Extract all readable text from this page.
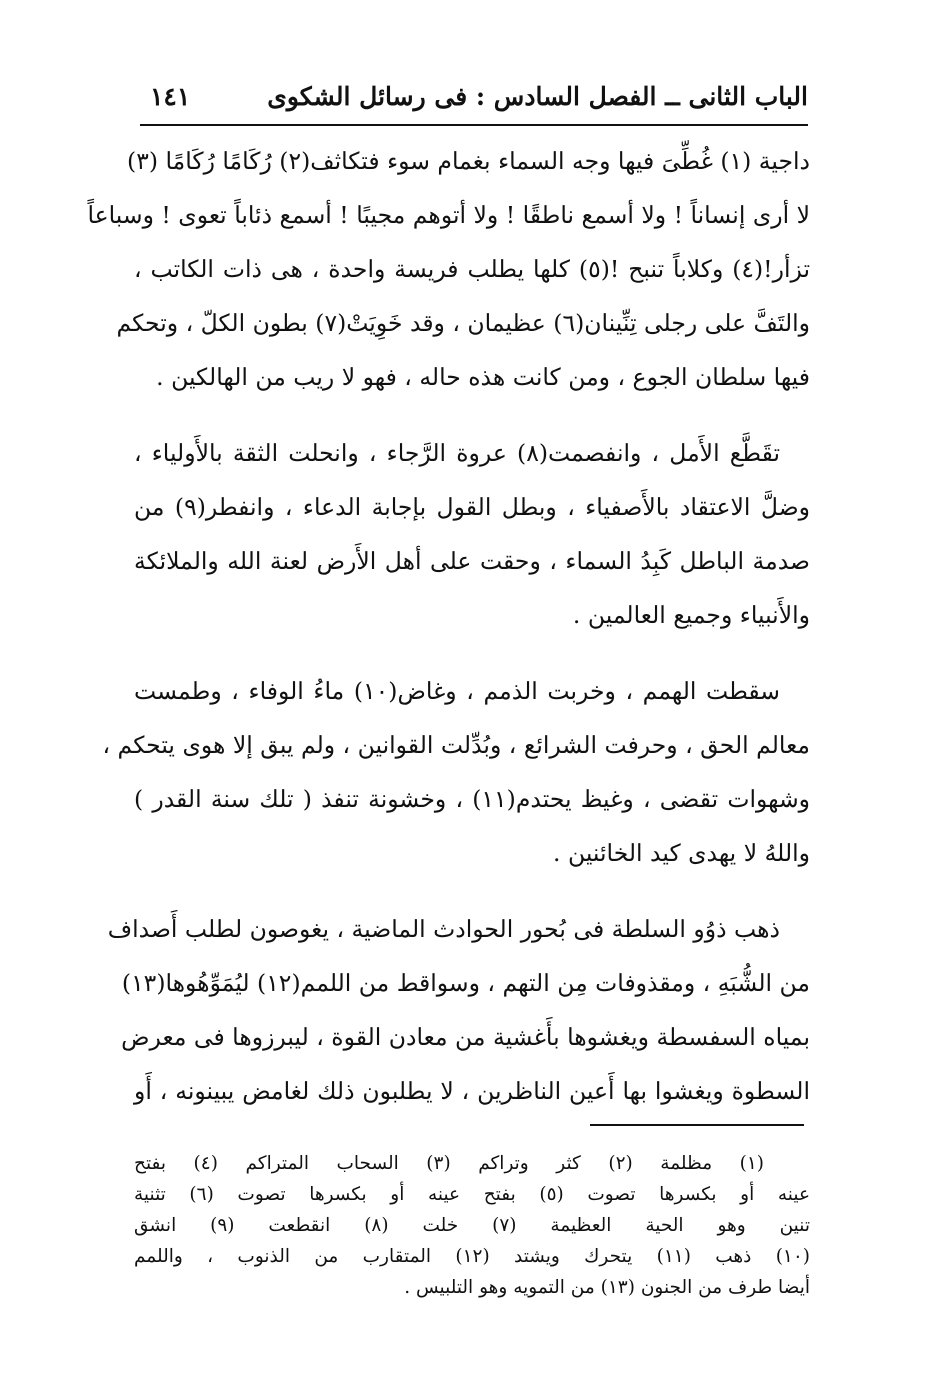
الباب الثانى ــ الفصل السادس : فى رسائل الشكوى
١٤١
داجية (١) غُطِّىَ فيها وجه السماء بغمام سوء فتكاثف(٢) رُكَامًا رُكَامًا (٣)
لا أرى إنساناً ! ولا أسمع ناطقًا ! ولا أتوهم مجيبًا ! أسمع ذئاباً تعوى ! وسباعاً
تزأر!(٤) وكلاباً تنبح !(٥) كلها يطلب فريسة واحدة ، هى ذات الكاتب ،
والتَفَّ على رجلى تِنِّينان(٦) عظيمان ، وقد خَوِيَتْ(٧) بطون الكلّ ، وتحكم
فيها سلطان الجوع ، ومن كانت هذه حاله ، فهو لا ريب من الهالكين .
تقَطَّع الأَمل ، وانفصمت(٨) عروة الرَّجاء ، وانحلت الثقة بالأَولياء ،
وضلَّ الاعتقاد بالأَصفياء ، وبطل القول بإجابة الدعاء ، وانفطر(٩) من
صدمة الباطل كَبِدُ السماء ، وحقت على أهل الأَرض لعنة الله والملائكة
والأَنبياء وجميع العالمين .
سقطت الهمم ، وخربت الذمم ، وغاض(١٠) ماءُ الوفاء ، وطمست
معالم الحق ، وحرفت الشرائع ، وبُدِّلت القوانين ، ولم يبق إلا هوى يتحكم ،
وشهوات تقضى ، وغيظ يحتدم(١١) ، وخشونة تنفذ ( تلك سنة القدر )
واللهُ لا يهدى كيد الخائنين .
ذهب ذوُو السلطة فى بُحور الحوادث الماضية ، يغوصون لطلب أَصداف
من الشُّبَهِ ، ومقذوفات مِن التهم ، وسواقط من اللمم(١٢) ليُمَوِّهُوها(١٣)
بمياه السفسطة ويغشوها بأَغشية من معادن القوة ، ليبرزوها فى معرض
السطوة ويغشوا بها أَعين الناظرين ، لا يطلبون ذلك لغامض يبينونه ، أَو
(١) مظلمة (٢) كثر وتراكم (٣) السحاب المتراكم (٤) بفتح
عينه أو بكسرها تصوت (٥) بفتح عينه أو بكسرها تصوت (٦) تثنية
تنين وهو الحية العظيمة (٧) خلت (٨) انقطعت (٩) انشق
(١٠) ذهب (١١) يتحرك ويشتد (١٢) المتقارب من الذنوب ، واللمم
أيضا طرف من الجنون (١٣) من التمويه وهو التلبيس .
